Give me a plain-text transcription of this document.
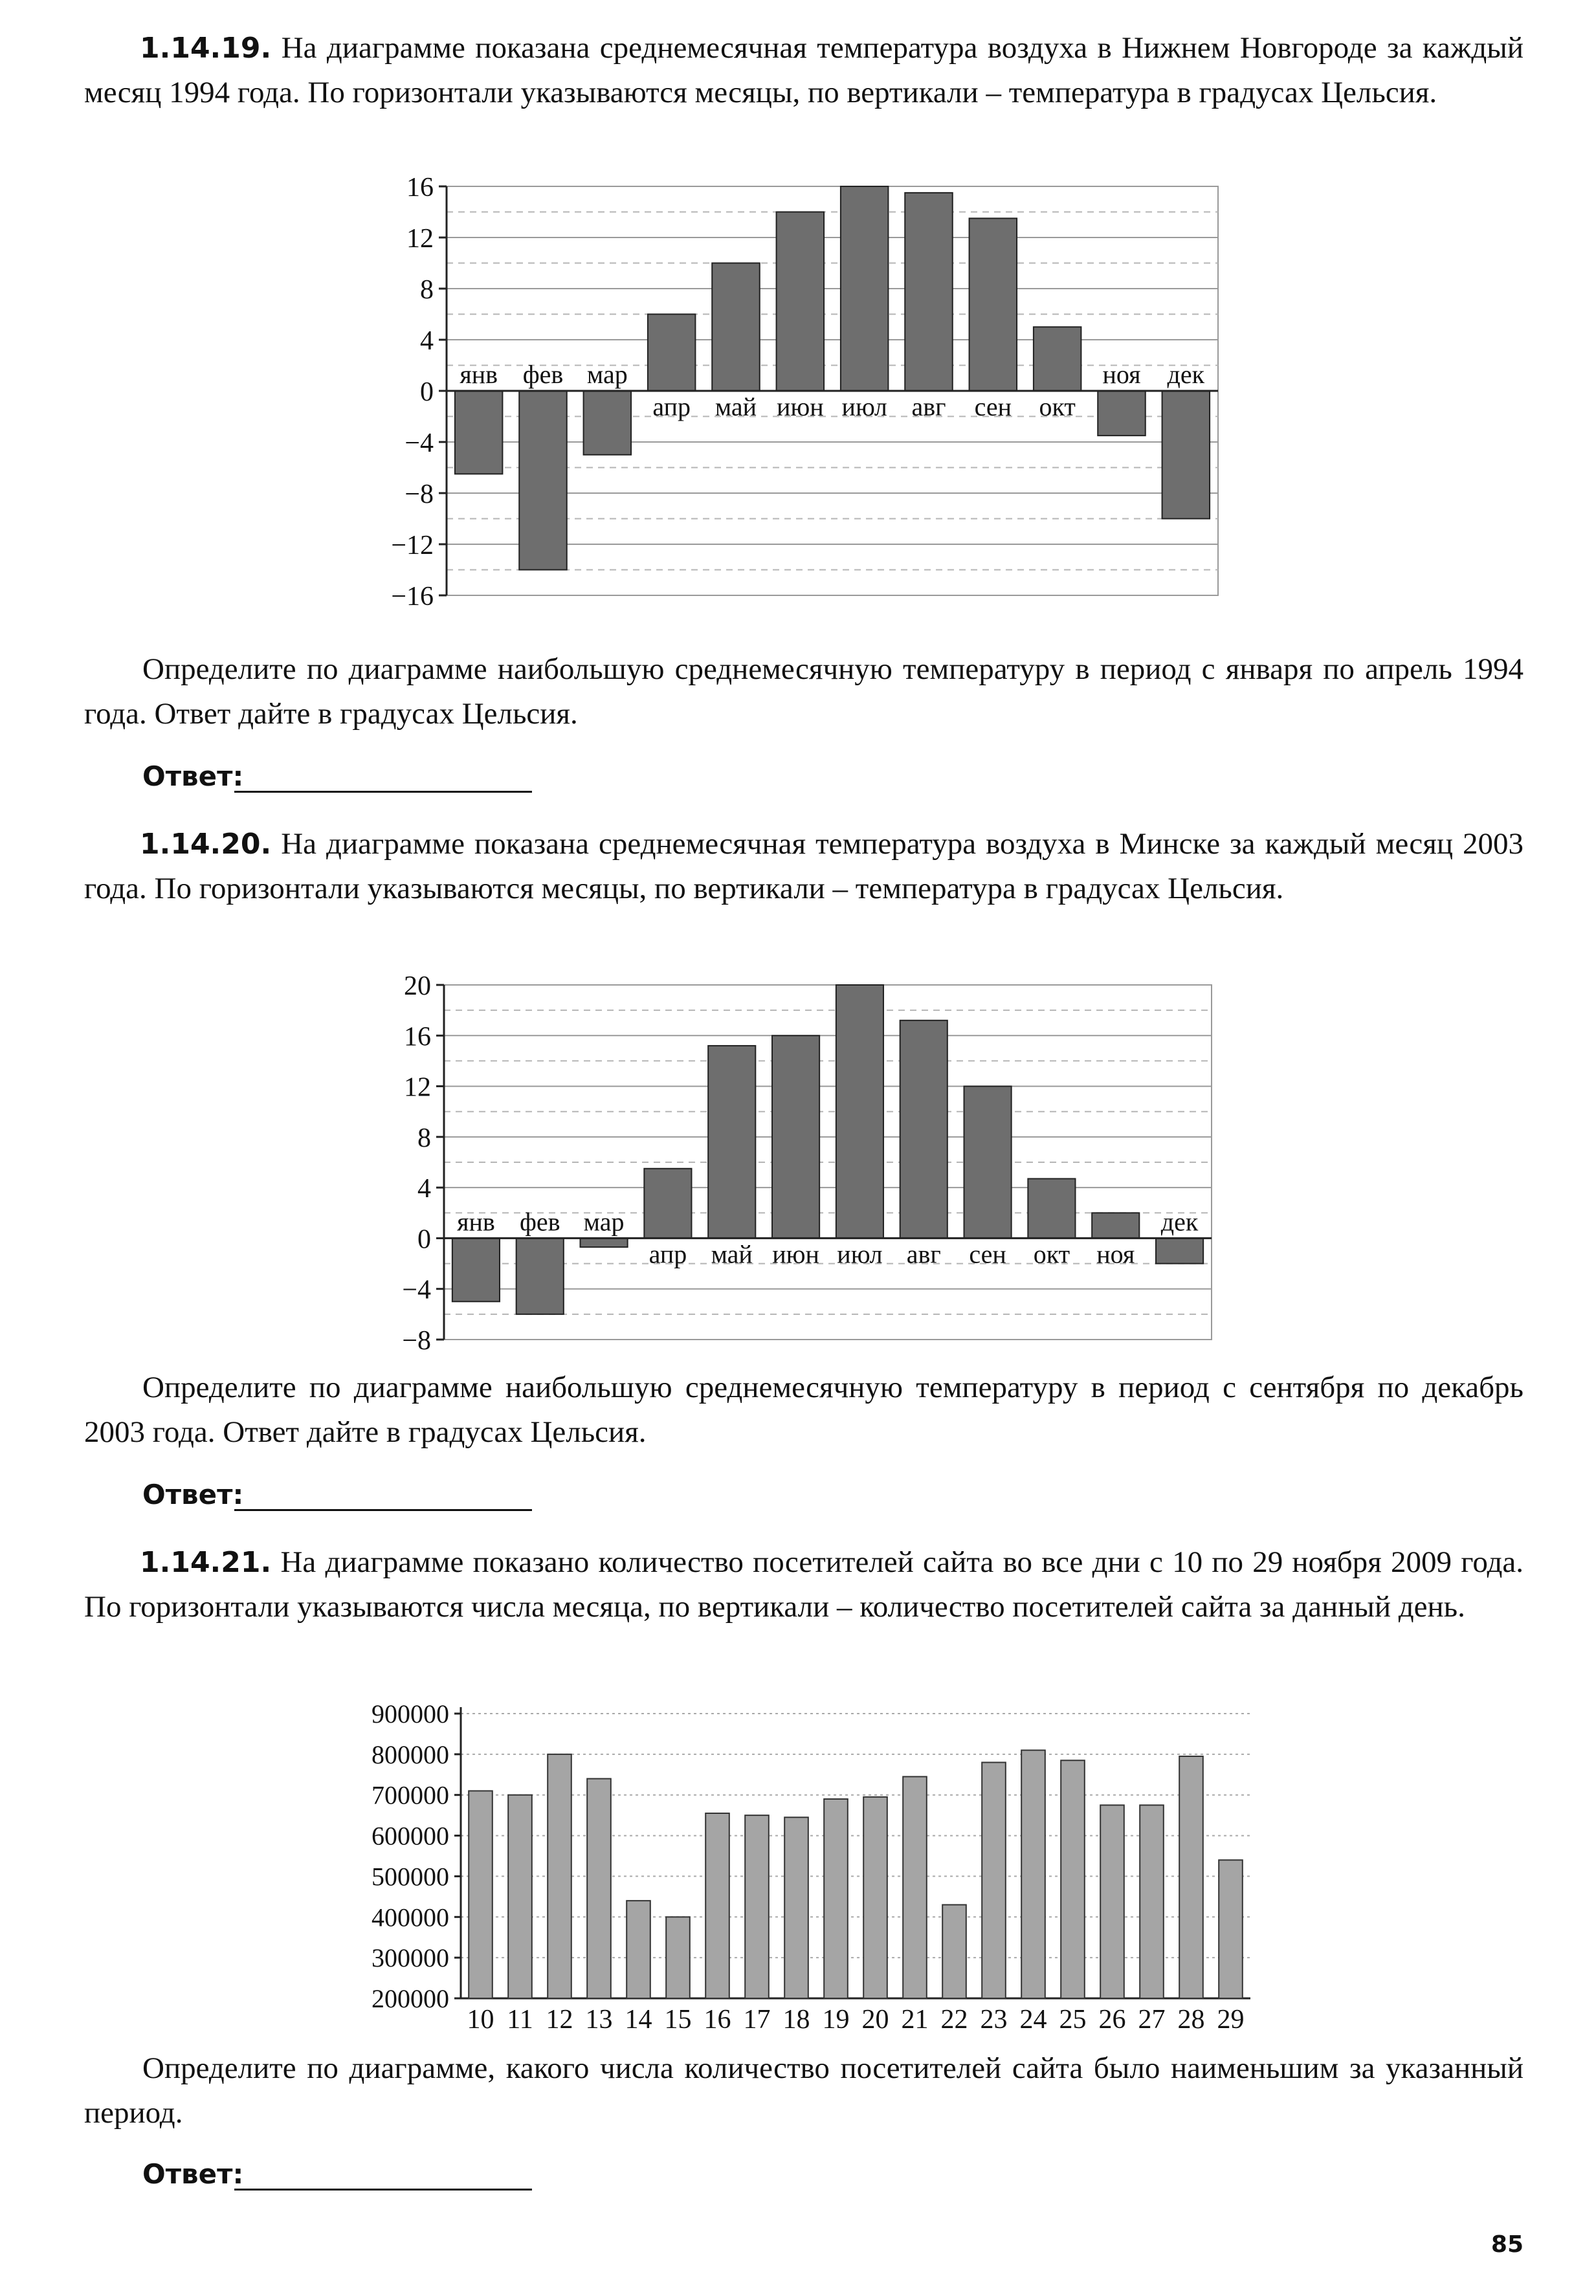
1.14.19. На диаграмме показана среднемесячная температура воздуха в Нижнем Новгороде за каждый месяц 1994 года. По горизонтали указываются месяцы, по вертикали – температура в градусах Цельсия.

16
12
8
4
0
−4
−8
−12
−16
янв фев мар
апр май июн июл авг сен окт
ноя дек

Определите по диаграмме наибольшую среднемесячную температуру в период с января по апрель 1994 года. Ответ дайте в градусах Цельсия.

Ответ:

1.14.20. На диаграмме показана среднемесячная температура воздуха в Минске за каждый месяц 2003 года. По горизонтали указываются месяцы, по вертикали – температура в градусах Цельсия.

20
16
12
8
4
0
−4
−8
янв фев мар
апр май июн июл авг сен окт ноя
дек

Определите по диаграмме наибольшую среднемесячную температуру в период с сентября по декабрь 2003 года. Ответ дайте в градусах Цельсия.

Ответ:

1.14.21. На диаграмме показано количество посетителей сайта во все дни с 10 по 29 ноября 2009 года. По горизонтали указываются числа месяца, по вертикали – количество посетителей сайта за данный день.

900000
800000
700000
600000
500000
400000
300000
200000
10 11 12 13 14 15 16 17 18 19 20 21 22 23 24 25 26 27 28 29

Определите по диаграмме, какого числа количество посетителей сайта было наименьшим за указанный период.

Ответ:
85
